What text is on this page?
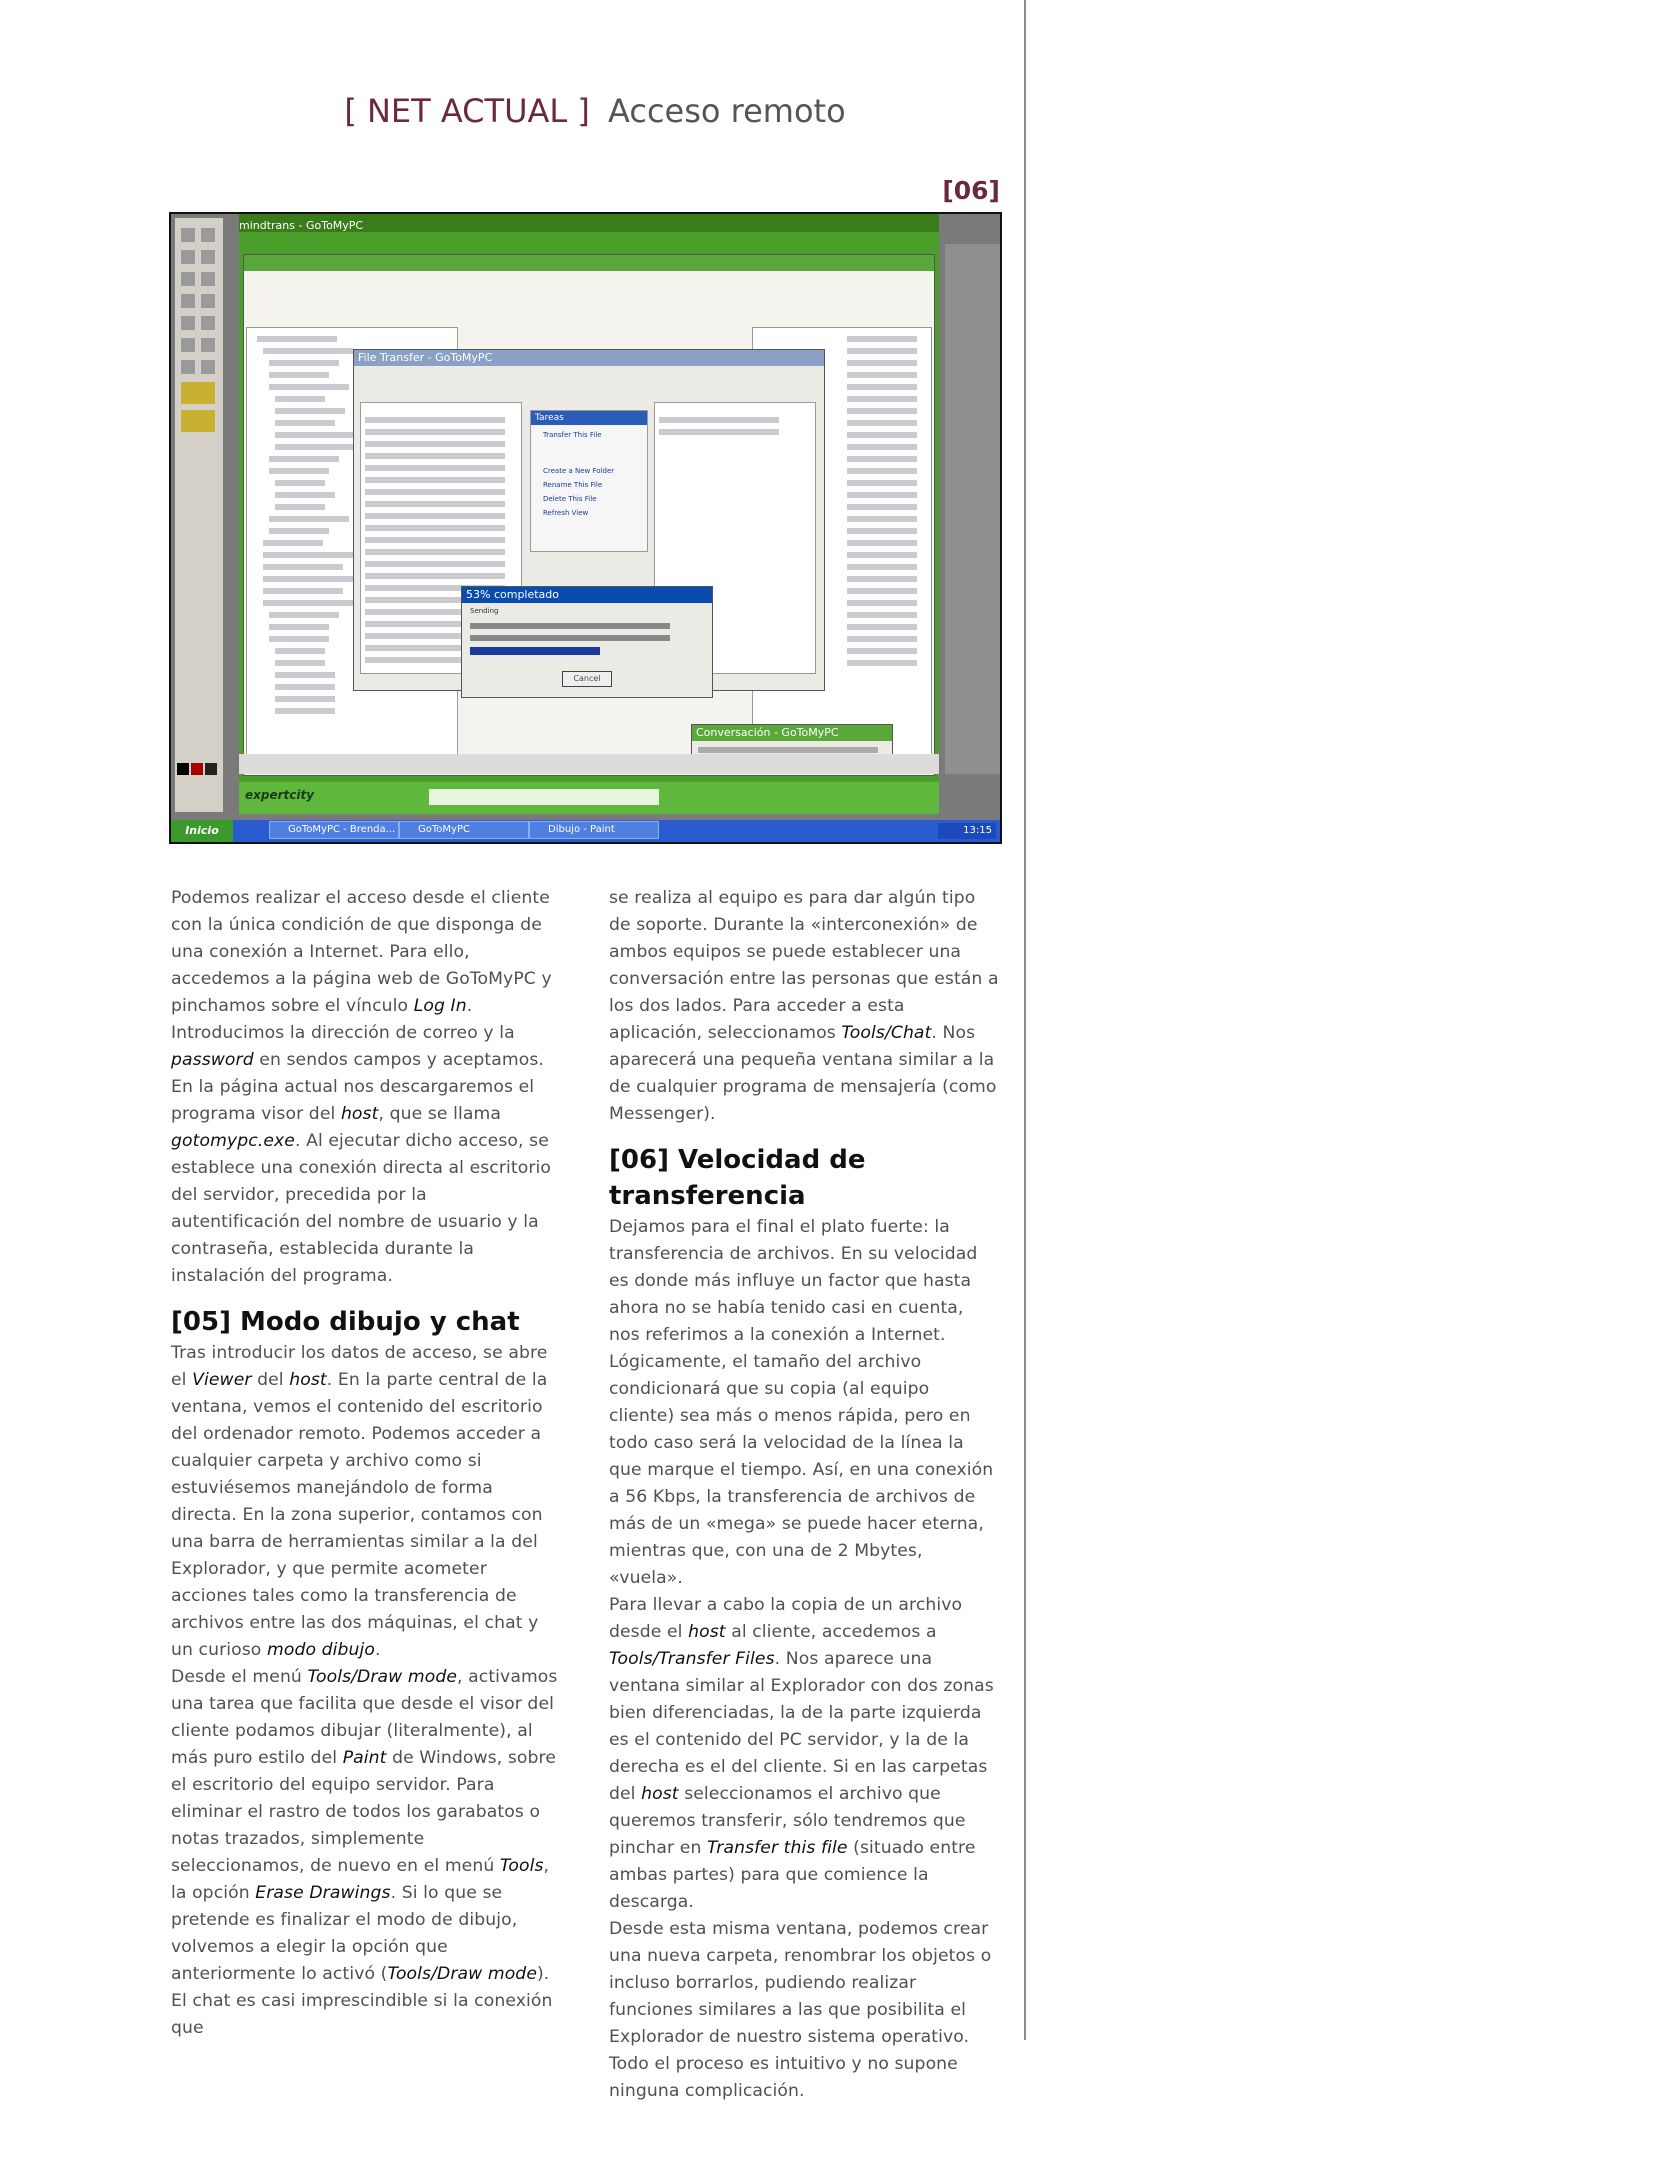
[ NET ACTUAL ] Acceso remoto
[06]
mindtrans - GoToMyPC
File Transfer - GoToMyPC
Tareas
Transfer This File
Create a New Folder
Rename This File
Delete This File
Refresh View
53% completado
Sending
Cancel
Conversación - GoToMyPC
expertcity
Inicio	GoToMyPC - Brenda...	GoToMyPC	Dibujo - Paint	13:15

Podemos realizar el acceso desde el cliente con la única condición de que disponga de una conexión a Internet. Para ello, accedemos a la página web de GoToMyPC y pinchamos sobre el vínculo Log In. Introducimos la dirección de correo y la password en sendos campos y aceptamos. En la página actual nos descargaremos el programa visor del host, que se llama gotomypc.exe. Al ejecutar dicho acceso, se establece una conexión directa al escritorio del servidor, precedida por la autentificación del nombre de usuario y la contraseña, establecida durante la instalación del programa.

[05] Modo dibujo y chat

Tras introducir los datos de acceso, se abre el Viewer del host. En la parte central de la ventana, vemos el contenido del escritorio del ordenador remoto. Podemos acceder a cualquier carpeta y archivo como si estuviésemos manejándolo de forma directa. En la zona superior, contamos con una barra de herramientas similar a la del Explorador, y que permite acometer acciones tales como la transferencia de archivos entre las dos máquinas, el chat y un curioso modo dibujo.

Desde el menú Tools/Draw mode, activamos una tarea que facilita que desde el visor del cliente podamos dibujar (literalmente), al más puro estilo del Paint de Windows, sobre el escritorio del equipo servidor. Para eliminar el rastro de todos los garabatos o notas trazados, simplemente seleccionamos, de nuevo en el menú Tools, la opción Erase Drawings. Si lo que se pretende es finalizar el modo de dibujo, volvemos a elegir la opción que anteriormente lo activó (Tools/Draw mode).

El chat es casi imprescindible si la conexión que

se realiza al equipo es para dar algún tipo de soporte. Durante la «interconexión» de ambos equipos se puede establecer una conversación entre las personas que están a los dos lados. Para acceder a esta aplicación, seleccionamos Tools/Chat. Nos aparecerá una pequeña ventana similar a la de cualquier programa de mensajería (como Messenger).

[06] Velocidad de transferencia

Dejamos para el final el plato fuerte: la transferencia de archivos. En su velocidad es donde más influye un factor que hasta ahora no se había tenido casi en cuenta, nos referimos a la conexión a Internet. Lógicamente, el tamaño del archivo condicionará que su copia (al equipo cliente) sea más o menos rápida, pero en todo caso será la velocidad de la línea la que marque el tiempo. Así, en una conexión a 56 Kbps, la transferencia de archivos de más de un «mega» se puede hacer eterna, mientras que, con una de 2 Mbytes, «vuela».

Para llevar a cabo la copia de un archivo desde el host al cliente, accedemos a Tools/Transfer Files. Nos aparece una ventana similar al Explorador con dos zonas bien diferenciadas, la de la parte izquierda es el contenido del PC servidor, y la de la derecha es el del cliente. Si en las carpetas del host seleccionamos el archivo que queremos transferir, sólo tendremos que pinchar en Transfer this file (situado entre ambas partes) para que comience la descarga.

Desde esta misma ventana, podemos crear una nueva carpeta, renombrar los objetos o incluso borrarlos, pudiendo realizar funciones similares a las que posibilita el Explorador de nuestro sistema operativo. Todo el proceso es intuitivo y no supone ninguna complicación.
